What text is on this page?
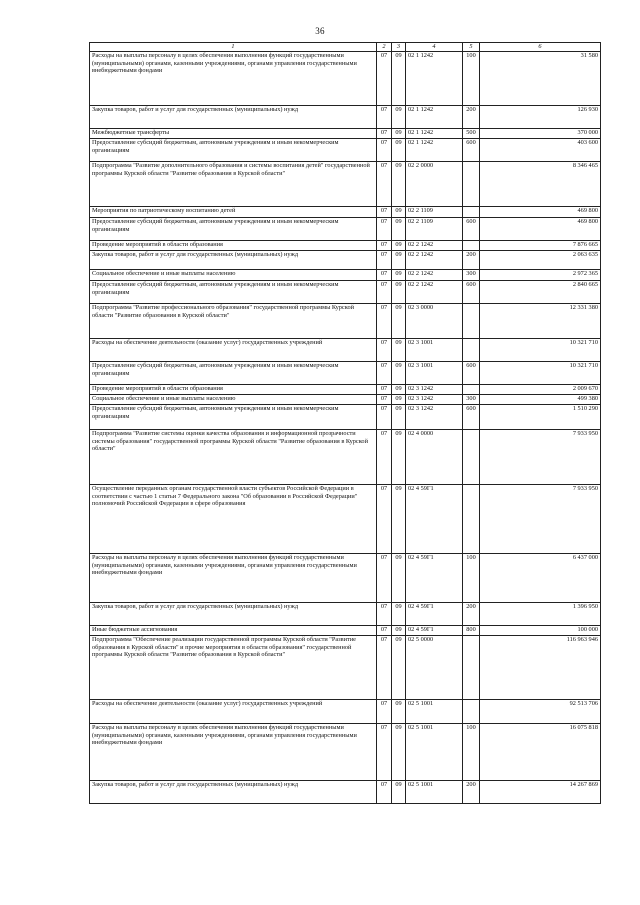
36
1	2	3	4	5	6
Расходы на выплаты персоналу в целях обеспечения выполнения функций государственными (муниципальными) органами, казенными учреждениями, органами управления государственными внебюджетными фондами	07	09	02 1 1242	100	31 580
Закупка товаров, работ и услуг для государственных (муниципальных) нужд	07	09	02 1 1242	200	126 930
Межбюджетные трансферты	07	09	02 1 1242	500	370 000
Предоставление субсидий бюджетным, автономным учреждениям и иным некоммерческим организациям	07	09	02 1 1242	600	403 600
Подпрограмма "Развитие дополнительного образования и системы воспитания детей" государственной программы Курской области "Развитие образования в Курской области"	07	09	02 2 0000		8 346 465
Мероприятия по патриотическому воспитанию детей	07	09	02 2 1109		469 800
Предоставление субсидий бюджетным, автономным учреждениям и иным некоммерческим организациям	07	09	02 2 1109	600	469 800
Проведение мероприятий в области образования	07	09	02 2 1242		7 876 665
Закупка товаров, работ и услуг для государственных (муниципальных) нужд	07	09	02 2 1242	200	2 063 635
Социальное обеспечение и иные выплаты населению	07	09	02 2 1242	300	2 972 365
Предоставление субсидий бюджетным, автономным учреждениям и иным некоммерческим организациям	07	09	02 2 1242	600	2 840 665
Подпрограмма "Развитие профессионального образования" государственной программы Курской области "Развитие образования в Курской области"	07	09	02 3 0000		12 331 380
Расходы на обеспечение деятельности (оказание услуг) государственных учреждений	07	09	02 3 1001		10 321 710
Предоставление субсидий бюджетным, автономным учреждениям и иным некоммерческим организациям	07	09	02 3 1001	600	10 321 710
Проведение мероприятий в области образования	07	09	02 3 1242		2 009 670
Социальное обеспечение и иные выплаты населению	07	09	02 3 1242	300	499 380
Предоставление субсидий бюджетным, автономным учреждениям и иным некоммерческим организациям	07	09	02 3 1242	600	1 510 290
Подпрограмма "Развитие системы оценки качества образования и информационной прозрачности системы образования" государственной программы Курской области "Развитие образования в Курской области"	07	09	02 4 0000		7 933 950
Осуществление переданных органам государственной власти субъектов Российской Федерации в соответствии с частью 1 статьи 7 Федерального закона "Об образовании в Российской Федерации" полномочий Российской Федерации в сфере образования	07	09	02 4 59Г1		7 933 950
Расходы на выплаты персоналу в целях обеспечения выполнения функций государственными (муниципальными) органами, казенными учреждениями, органами управления государственными внебюджетными фондами	07	09	02 4 59Г1	100	6 437 000
Закупка товаров, работ и услуг для государственных (муниципальных) нужд	07	09	02 4 59Г1	200	1 396 950
Иные бюджетные ассигнования	07	09	02 4 59Г1	800	100 000
Подпрограмма "Обеспечение реализации государственной программы Курской области "Развитие образования в Курской области" и прочие мероприятия в области образования" государственной программы Курской области "Развитие образования в Курской области"	07	09	02 5 0000		116 963 946
Расходы на обеспечение деятельности (оказание услуг) государственных учреждений	07	09	02 5 1001		92 513 706
Расходы на выплаты персоналу в целях обеспечения выполнения функций государственными (муниципальными) органами, казенными учреждениями, органами управления государственными внебюджетными фондами	07	09	02 5 1001	100	16 075 818
Закупка товаров, работ и услуг для государственных (муниципальных) нужд	07	09	02 5 1001	200	14 267 869
